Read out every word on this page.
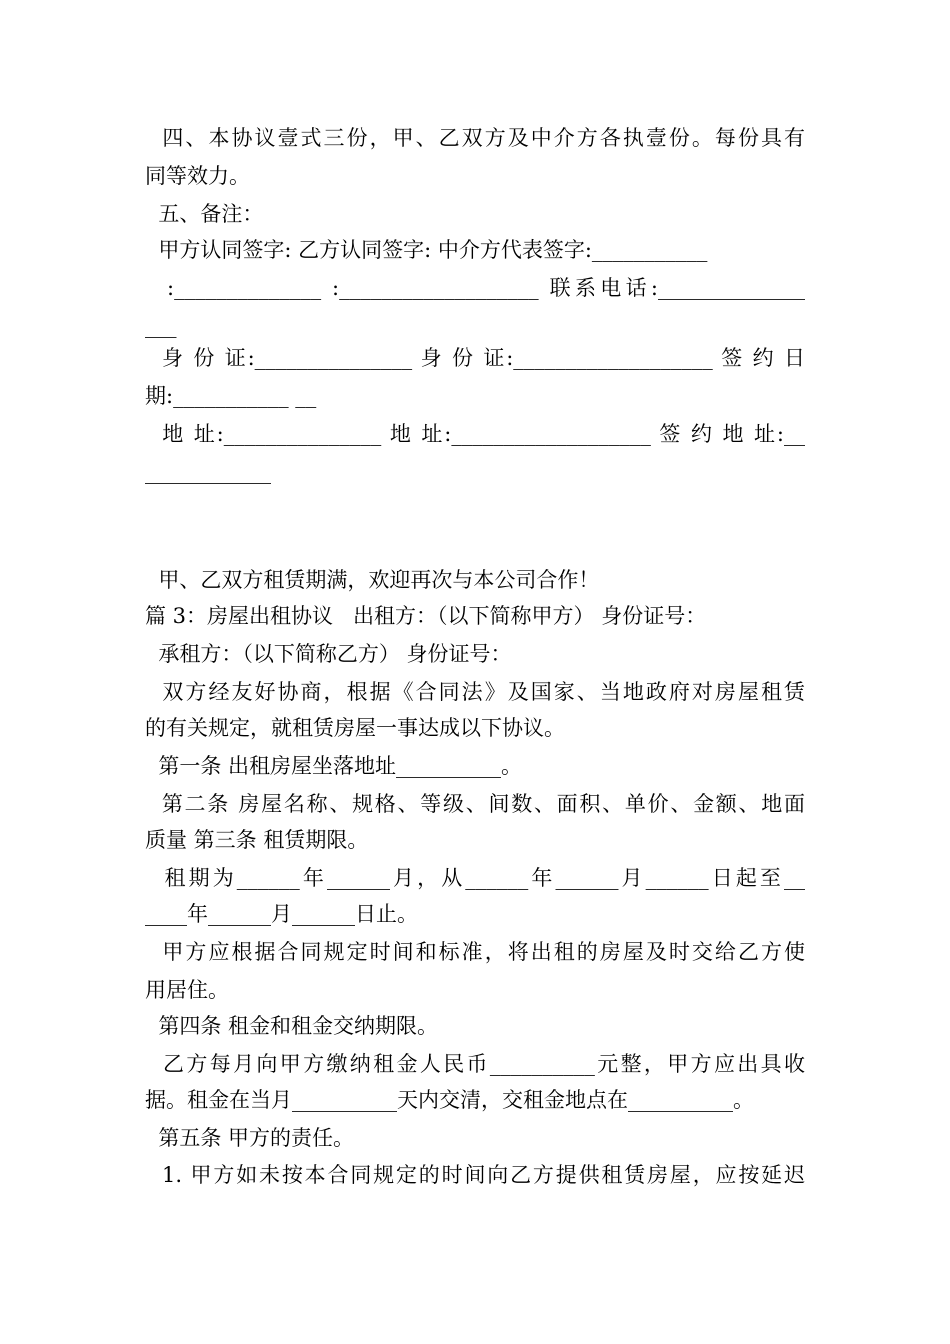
四、本协议壹式三份，甲、乙双方及中介方各执壹份。每份具有
同等效力。
五、备注：
甲方认同签字: 乙方认同签字: 中介方代表签字:___________
:______________ :___________________ 联系电话:______________
___
身 份 证:_______________ 身 份 证:___________________ 签 约 日
期:___________ __
地 址:_______________ 地 址:___________________ 签 约 地 址:__
____________
甲、乙双方租赁期满，欢迎再次与本公司合作！
篇 3：房屋出租协议   出租方：（以下简称甲方） 身份证号：
承租方：（以下简称乙方） 身份证号：
双方经友好协商，根据《合同法》及国家、当地政府对房屋租赁
的有关规定，就租赁房屋一事达成以下协议。
第一条 出租房屋坐落地址__________。
第二条 房屋名称、规格、等级、间数、面积、单价、金额、地面
质量 第三条 租赁期限。
租期为______年______月，从______年______月______日起至__
____年______月______日止。
甲方应根据合同规定时间和标准，将出租的房屋及时交给乙方使
用居住。
第四条 租金和租金交纳期限。
乙方每月向甲方缴纳租金人民币__________元整，甲方应出具收
据。租金在当月__________天内交清，交租金地点在__________。
第五条 甲方的责任。
1. 甲方如未按本合同规定的时间向乙方提供租赁房屋，应按延迟
